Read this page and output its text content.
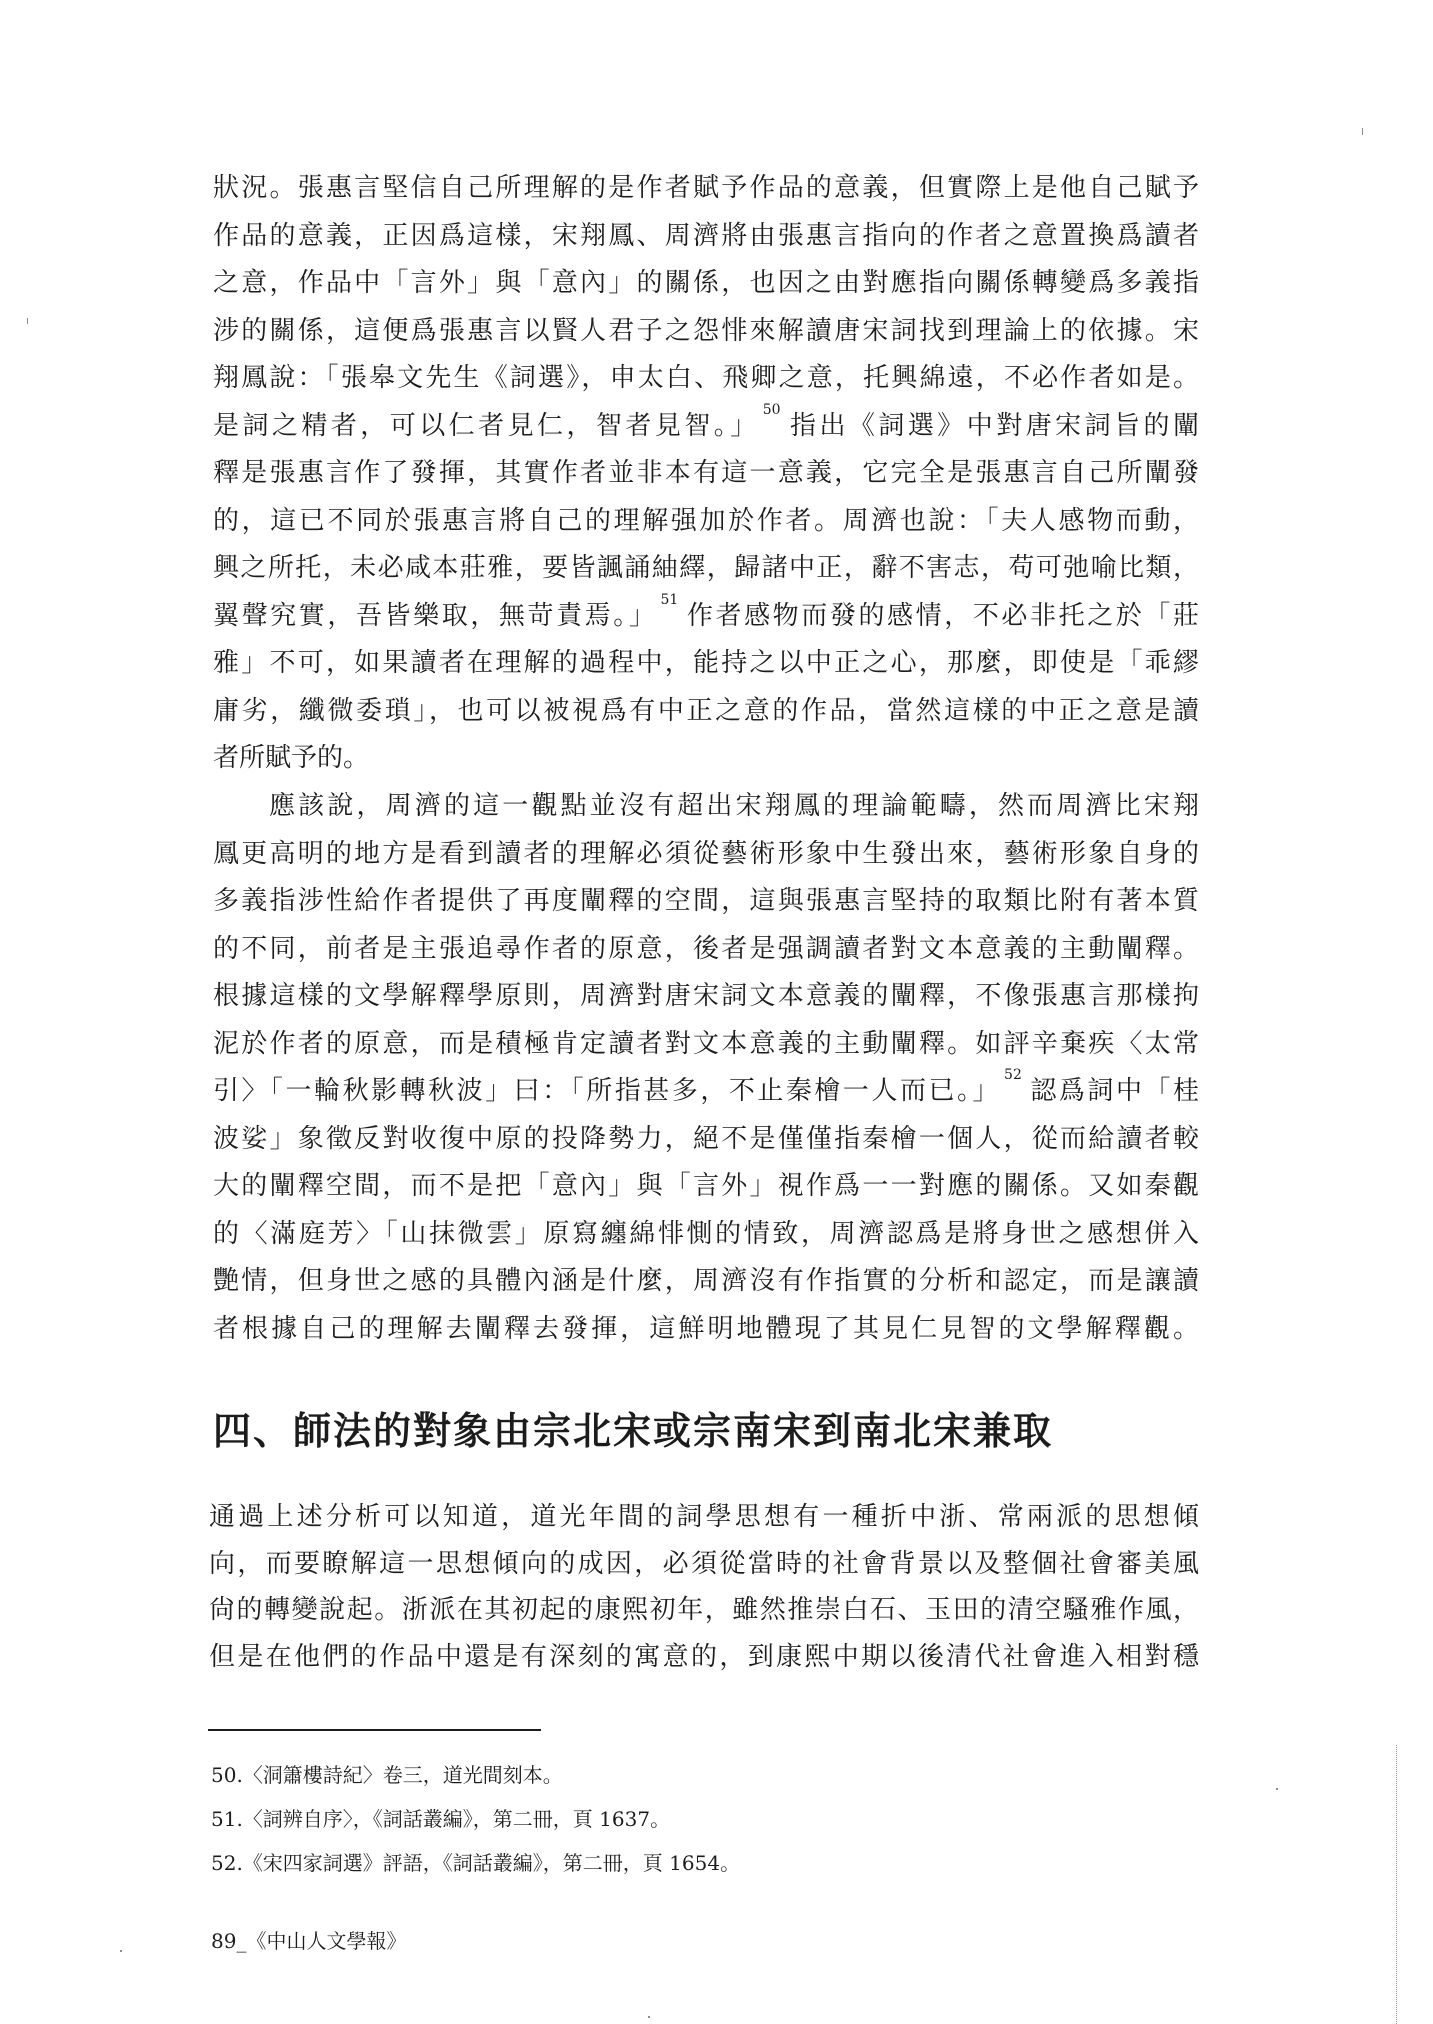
狀況。張惠言堅信自己所理解的是作者賦予作品的意義，但實際上是他自己賦予
作品的意義，正因爲這樣，宋翔鳳、周濟將由張惠言指向的作者之意置換爲讀者
之意，作品中「言外」與「意內」的關係，也因之由對應指向關係轉變爲多義指
涉的關係，這便爲張惠言以賢人君子之怨悱來解讀唐宋詞找到理論上的依據。宋
翔鳳說：「張皋文先生《詞選》，申太白、飛卿之意，托興綿遠，不必作者如是。
是詞之精者，可以仁者見仁，智者見智。」$^{50}$指出《詞選》中對唐宋詞旨的闡
釋是張惠言作了發揮，其實作者並非本有這一意義，它完全是張惠言自己所闡發
的，這已不同於張惠言將自己的理解强加於作者。周濟也說：「夫人感物而動，
興之所托，未必咸本莊雅，要皆諷誦紬繹，歸諸中正，辭不害志，苟可弛喻比類，
翼聲究實，吾皆樂取，無苛責焉。」$^{51}$作者感物而發的感情，不必非托之於「莊
雅」不可，如果讀者在理解的過程中，能持之以中正之心，那麼，即使是「乖繆
庸劣，纖微委瑣」，也可以被視爲有中正之意的作品，當然這樣的中正之意是讀
者所賦予的。
應該說，周濟的這一觀點並沒有超出宋翔鳳的理論範疇，然而周濟比宋翔
鳳更高明的地方是看到讀者的理解必須從藝術形象中生發出來，藝術形象自身的
多義指涉性給作者提供了再度闡釋的空間，這與張惠言堅持的取類比附有著本質
的不同，前者是主張追尋作者的原意，後者是强調讀者對文本意義的主動闡釋。
根據這樣的文學解釋學原則，周濟對唐宋詞文本意義的闡釋，不像張惠言那樣拘
泥於作者的原意，而是積極肯定讀者對文本意義的主動闡釋。如評辛棄疾〈太常
引〉「一輪秋影轉秋波」曰：「所指甚多，不止秦檜一人而已。」$^{52}$認爲詞中「桂
波娑」象徵反對收復中原的投降勢力，絕不是僅僅指秦檜一個人，從而給讀者較
大的闡釋空間，而不是把「意內」與「言外」視作爲一一對應的關係。又如秦觀
的〈滿庭芳〉「山抹微雲」原寫纏綿悱惻的情致，周濟認爲是將身世之感想併入
艷情，但身世之感的具體內涵是什麼，周濟沒有作指實的分析和認定，而是讓讀
者根據自己的理解去闡釋去發揮，這鮮明地體現了其見仁見智的文學解釋觀。
四、師法的對象由宗北宋或宗南宋到南北宋兼取
通過上述分析可以知道，道光年間的詞學思想有一種折中浙、常兩派的思想傾
向，而要瞭解這一思想傾向的成因，必須從當時的社會背景以及整個社會審美風
尙的轉變說起。浙派在其初起的康熙初年，雖然推崇白石、玉田的清空騷雅作風，
但是在他們的作品中還是有深刻的寓意的，到康熙中期以後清代社會進入相對穩
50.〈洞簫樓詩紀〉卷三，道光間刻本。
51.〈詞辨自序〉，《詞話叢編》，第二冊，頁 1637。
52.《宋四家詞選》評語，《詞話叢編》，第二冊，頁 1654。
89_《中山人文學報》
